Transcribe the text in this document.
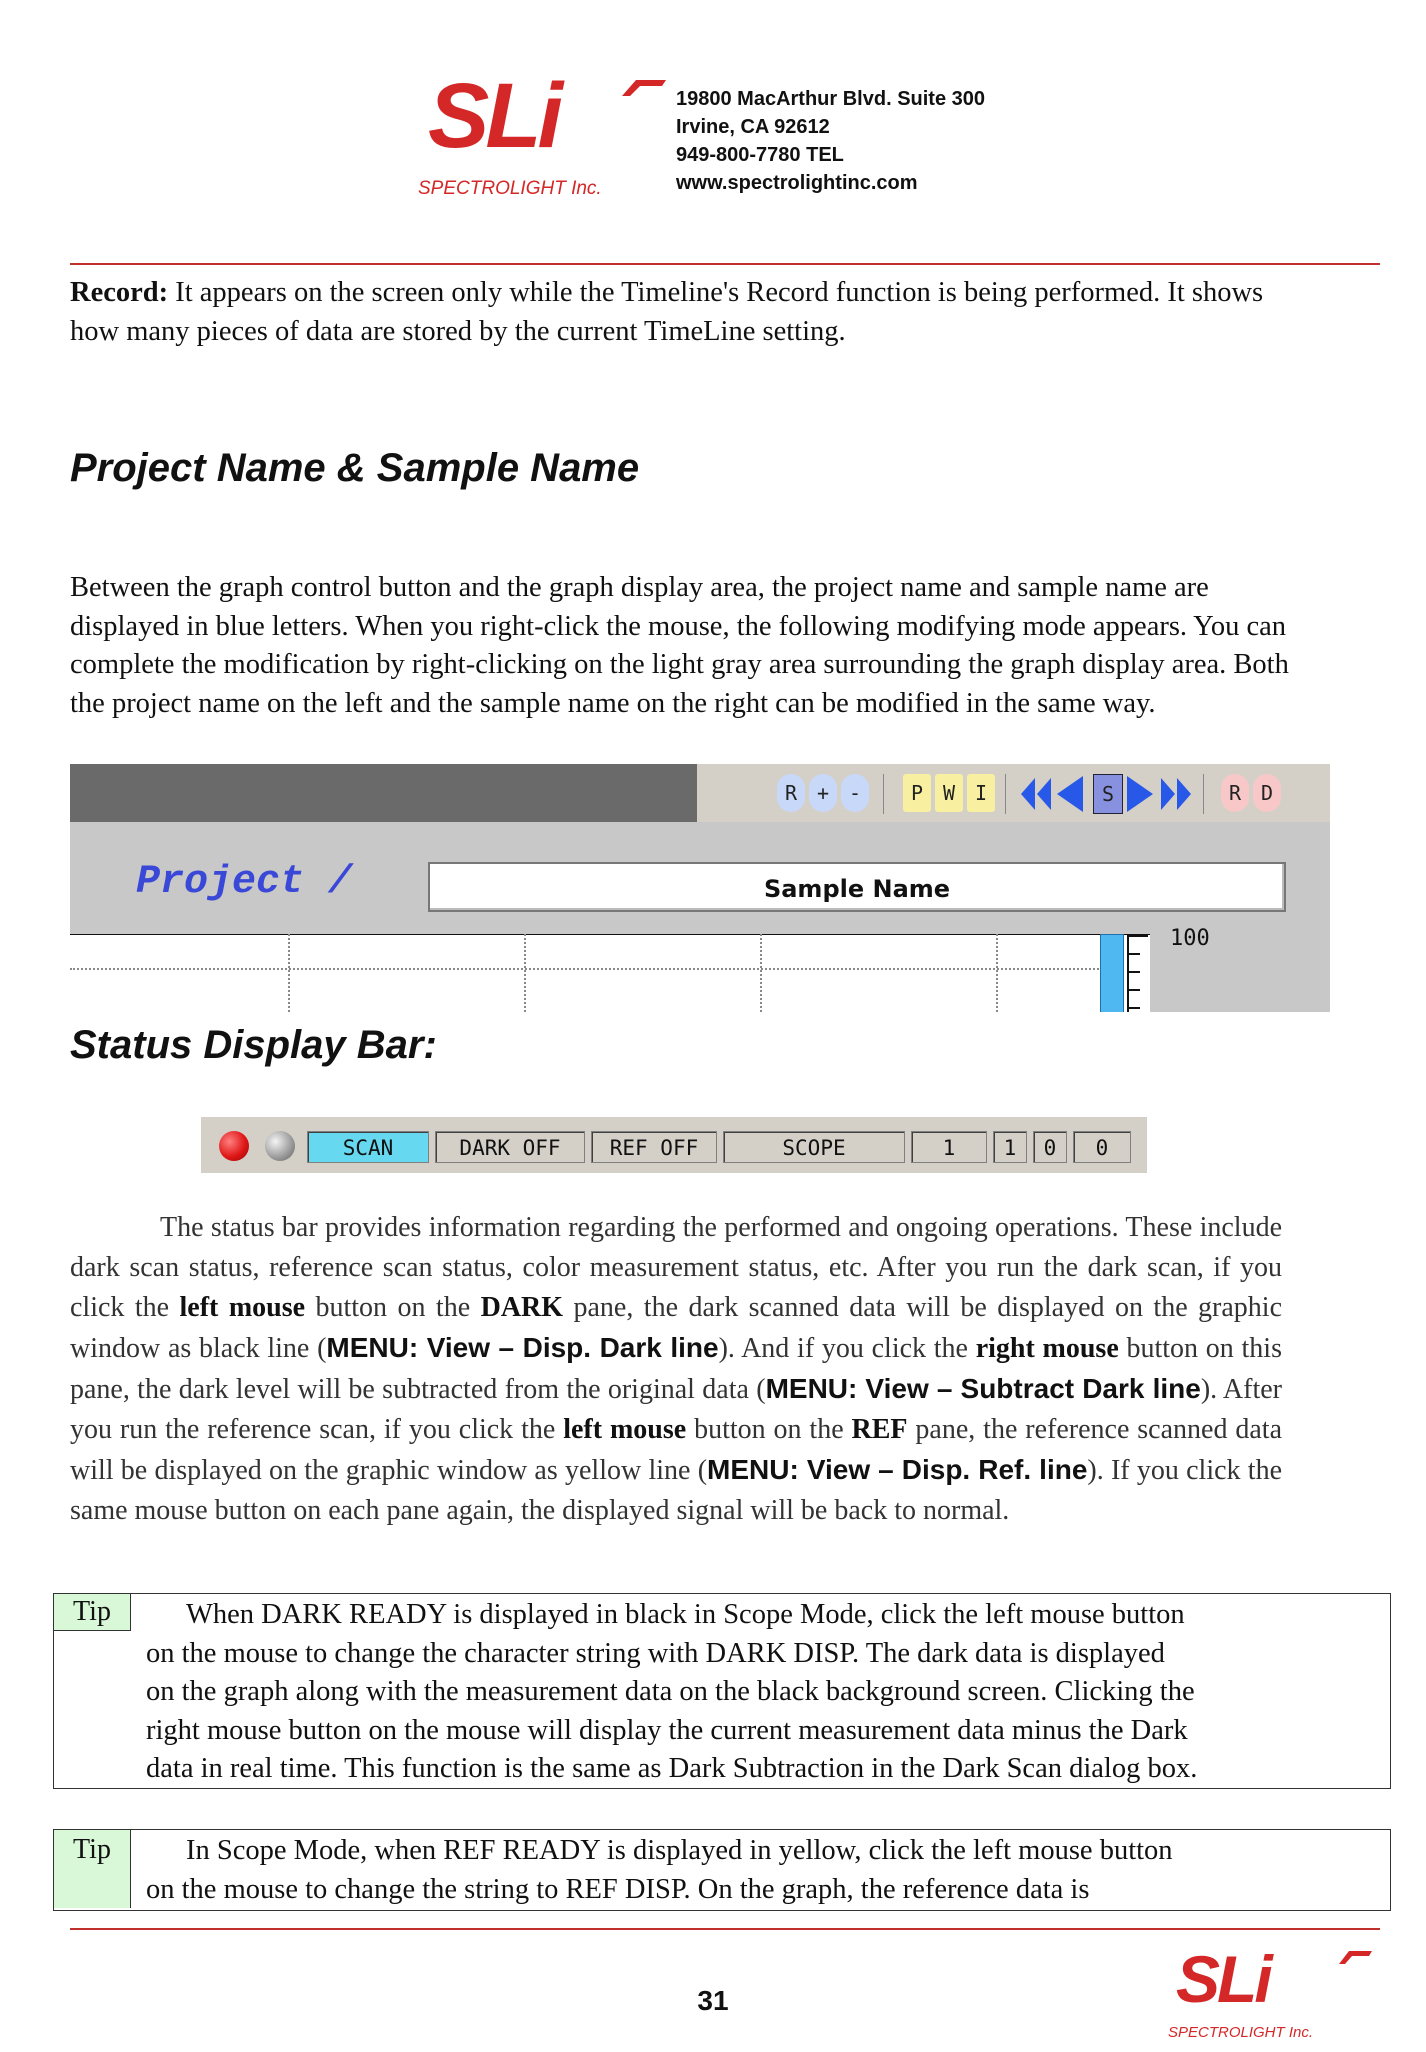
SLi
SPECTROLIGHT Inc.
19800 MacArthur Blvd. Suite 300
Irvine, CA 92612
949-800-7780 TEL
www.spectrolightinc.com
Record: It appears on the screen only while the Timeline's Record function is being performed. It shows how many pieces of data are stored by the current TimeLine setting.
Project Name & Sample Name
Between the graph control button and the graph display area, the project name and sample name are displayed in blue letters. When you right-click the mouse, the following modifying mode appears. You can complete the modification by right-clicking on the light gray area surrounding the graph display area. Both the project name on the left and the sample name on the right can be modified in the same way.
R + -	P W I	S	R D
Project /	Sample Name
100
Status Display Bar:
SCAN	DARK OFF	REF OFF	SCOPE	1	1	0	0
The status bar provides information regarding the performed and ongoing operations. These include dark scan status, reference scan status, color measurement status, etc. After you run the dark scan, if you click the left mouse button on the DARK pane, the dark scanned data will be displayed on the graphic window as black line (MENU: View – Disp. Dark line). And if you click the right mouse button on this pane, the dark level will be subtracted from the original data (MENU: View – Subtract Dark line). After you run the reference scan, if you click the left mouse button on the REF pane, the reference scanned data will be displayed on the graphic window as yellow line (MENU: View – Disp. Ref. line). If you click the same mouse button on each pane again, the displayed signal will be back to normal.
Tip	When DARK READY is displayed in black in Scope Mode, click the left mouse button
on the mouse to change the character string with DARK DISP. The dark data is displayed
on the graph along with the measurement data on the black background screen. Clicking the
right mouse button on the mouse will display the current measurement data minus the Dark
data in real time. This function is the same as Dark Subtraction in the Dark Scan dialog box.
Tip	In Scope Mode, when REF READY is displayed in yellow, click the left mouse button
on the mouse to change the string to REF DISP. On the graph, the reference data is
31	SLi
SPECTROLIGHT Inc.
